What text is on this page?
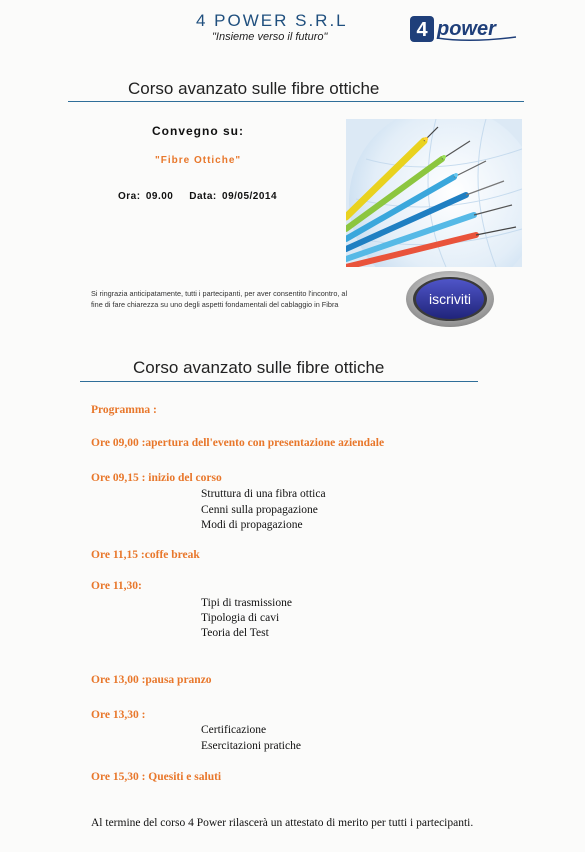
4 POWER S.R.L
"Insieme verso il futuro"	4 power
Corso avanzato sulle fibre ottiche
Convegno su:
"Fibre Ottiche"
Ora: 09.00 Data: 09/05/2014
Si ringrazia anticipatamente, tutti i partecipanti, per aver consentito l'incontro, al fine di fare chiarezza su uno degli aspetti fondamentali del cablaggio in Fibra	iscriviti
Corso avanzato sulle fibre ottiche
Programma :
Ore 09,00 :apertura dell'evento con presentazione aziendale
Ore 09,15 : inizio del corso
Struttura di una fibra ottica
Cenni sulla propagazione
Modi di propagazione
Ore 11,15 :coffe break
Ore 11,30:
Tipi di trasmissione
Tipologia di cavi
Teoria del Test
Ore 13,00 :pausa pranzo
Ore 13,30 :
Certificazione
Esercitazioni pratiche
Ore 15,30 : Quesiti e saluti
Al termine del corso 4 Power rilascerà un attestato di merito per tutti i partecipanti.
